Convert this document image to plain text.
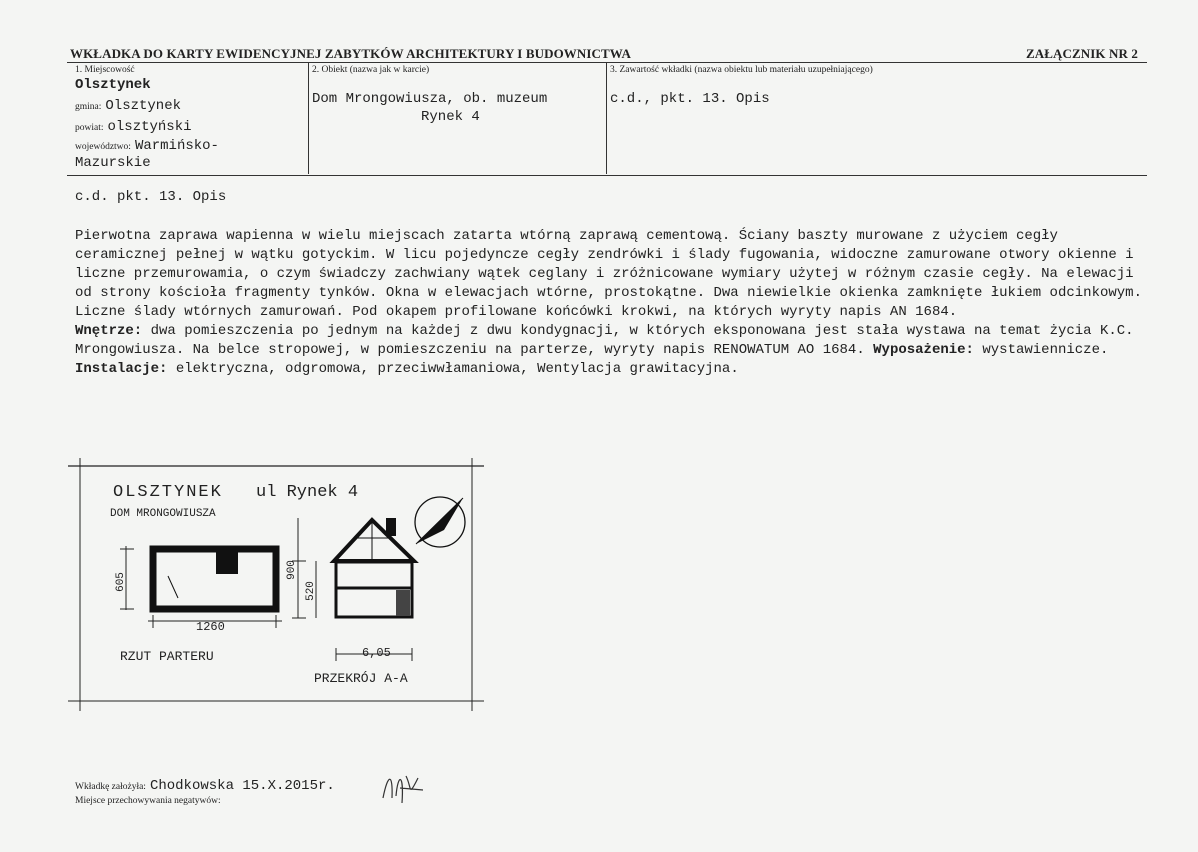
WKŁADKA DO KARTY EWIDENCYJNEJ ZABYTKÓW ARCHITEKTURY I BUDOWNICTWA	ZAŁĄCZNIK NR 2
1. Miejscowość
Olsztynek
gmina: Olsztynek
powiat: olsztyński
województwo: Warmińsko-
Mazurskie
2. Obiekt (nazwa jak w karcie)
Dom Mrongowiusza, ob. muzeum
Rynek 4
3. Zawartość wkładki (nazwa obiektu lub materiału uzupełniającego)
c.d., pkt. 13. Opis
c.d. pkt. 13. Opis
Pierwotna zaprawa wapienna w wielu miejscach zatarta wtórną zaprawą cementową. Ściany baszty murowane z użyciem cegły ceramicznej pełnej w wątku gotyckim. W licu pojedyncze cegły zendrówki i ślady fugowania, widoczne zamurowane otwory okienne i liczne przemurowamia, o czym świadczy zachwiany wątek ceglany i zróżnicowane wymiary użytej w różnym czasie cegły. Na elewacji od strony kościoła fragmenty tynków. Okna w elewacjach wtórne, prostokątne. Dwa niewielkie okienka zamknięte łukiem odcinkowym. Liczne ślady wtórnych zamurowań. Pod okapem profilowane końcówki krokwi, na których wyryty napis AN 1684.
Wnętrze: dwa pomieszczenia po jednym na każdej z dwu kondygnacji, w których eksponowana jest stała wystawa na temat życia K.C. Mrongowiusza. Na belce stropowej, w pomieszczeniu na parterze, wyryty napis RENOWATUM AO 1684. Wyposażenie: wystawiennicze. Instalacje: elektryczna, odgromowa, przeciwwłamaniowa, Wentylacja grawitacyjna.
OLSZTYNEK ul Rynek 4
DOM MRONGOWIUSZA
605
1260
RZUT PARTERU
900
520
6,05
PRZEKRÓJ A-A
Wkładkę założyła: Chodkowska 15.X.2015r.
Miejsce przechowywania negatywów:
